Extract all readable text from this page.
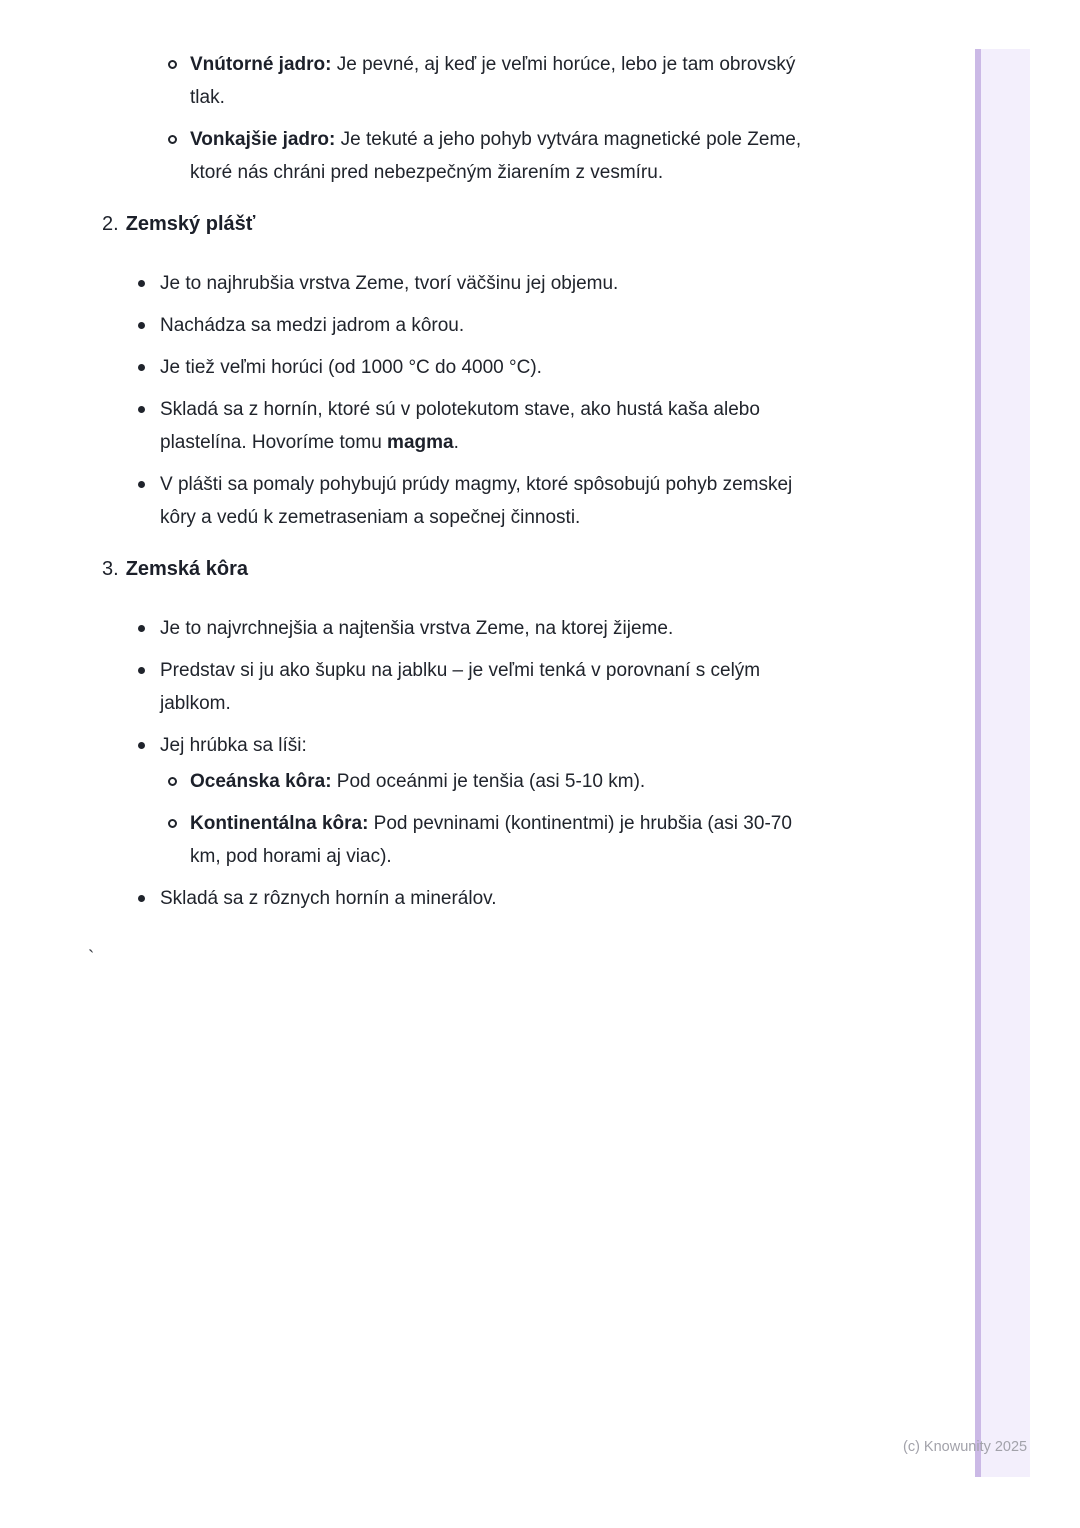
Vnútorné jadro: Je pevné, aj keď je veľmi horúce, lebo je tam obrovský tlak.
Vonkajšie jadro: Je tekuté a jeho pohyb vytvára magnetické pole Zeme, ktoré nás chráni pred nebezpečným žiarením z vesmíru.
2. Zemský plášť
Je to najhrubšia vrstva Zeme, tvorí väčšinu jej objemu.
Nachádza sa medzi jadrom a kôrou.
Je tiež veľmi horúci (od 1000 °C do 4000 °C).
Skladá sa z hornín, ktoré sú v polotekutom stave, ako hustá kaša alebo plastelína. Hovoríme tomu magma.
V plášti sa pomaly pohybujú prúdy magmy, ktoré spôsobujú pohyb zemskej kôry a vedú k zemetraseniam a sopečnej činnosti.
3. Zemská kôra
Je to najvrchnejšia a najtenšia vrstva Zeme, na ktorej žijeme.
Predstav si ju ako šupku na jablku – je veľmi tenká v porovnaní s celým jablkom.
Jej hrúbka sa líši:
Oceánska kôra: Pod oceánmi je tenšia (asi 5-10 km).
Kontinentálna kôra: Pod pevninami (kontinentmi) je hrubšia (asi 30-70 km, pod horami aj viac).
Skladá sa z rôznych hornín a minerálov.
`
(c) Knowunity 2025
